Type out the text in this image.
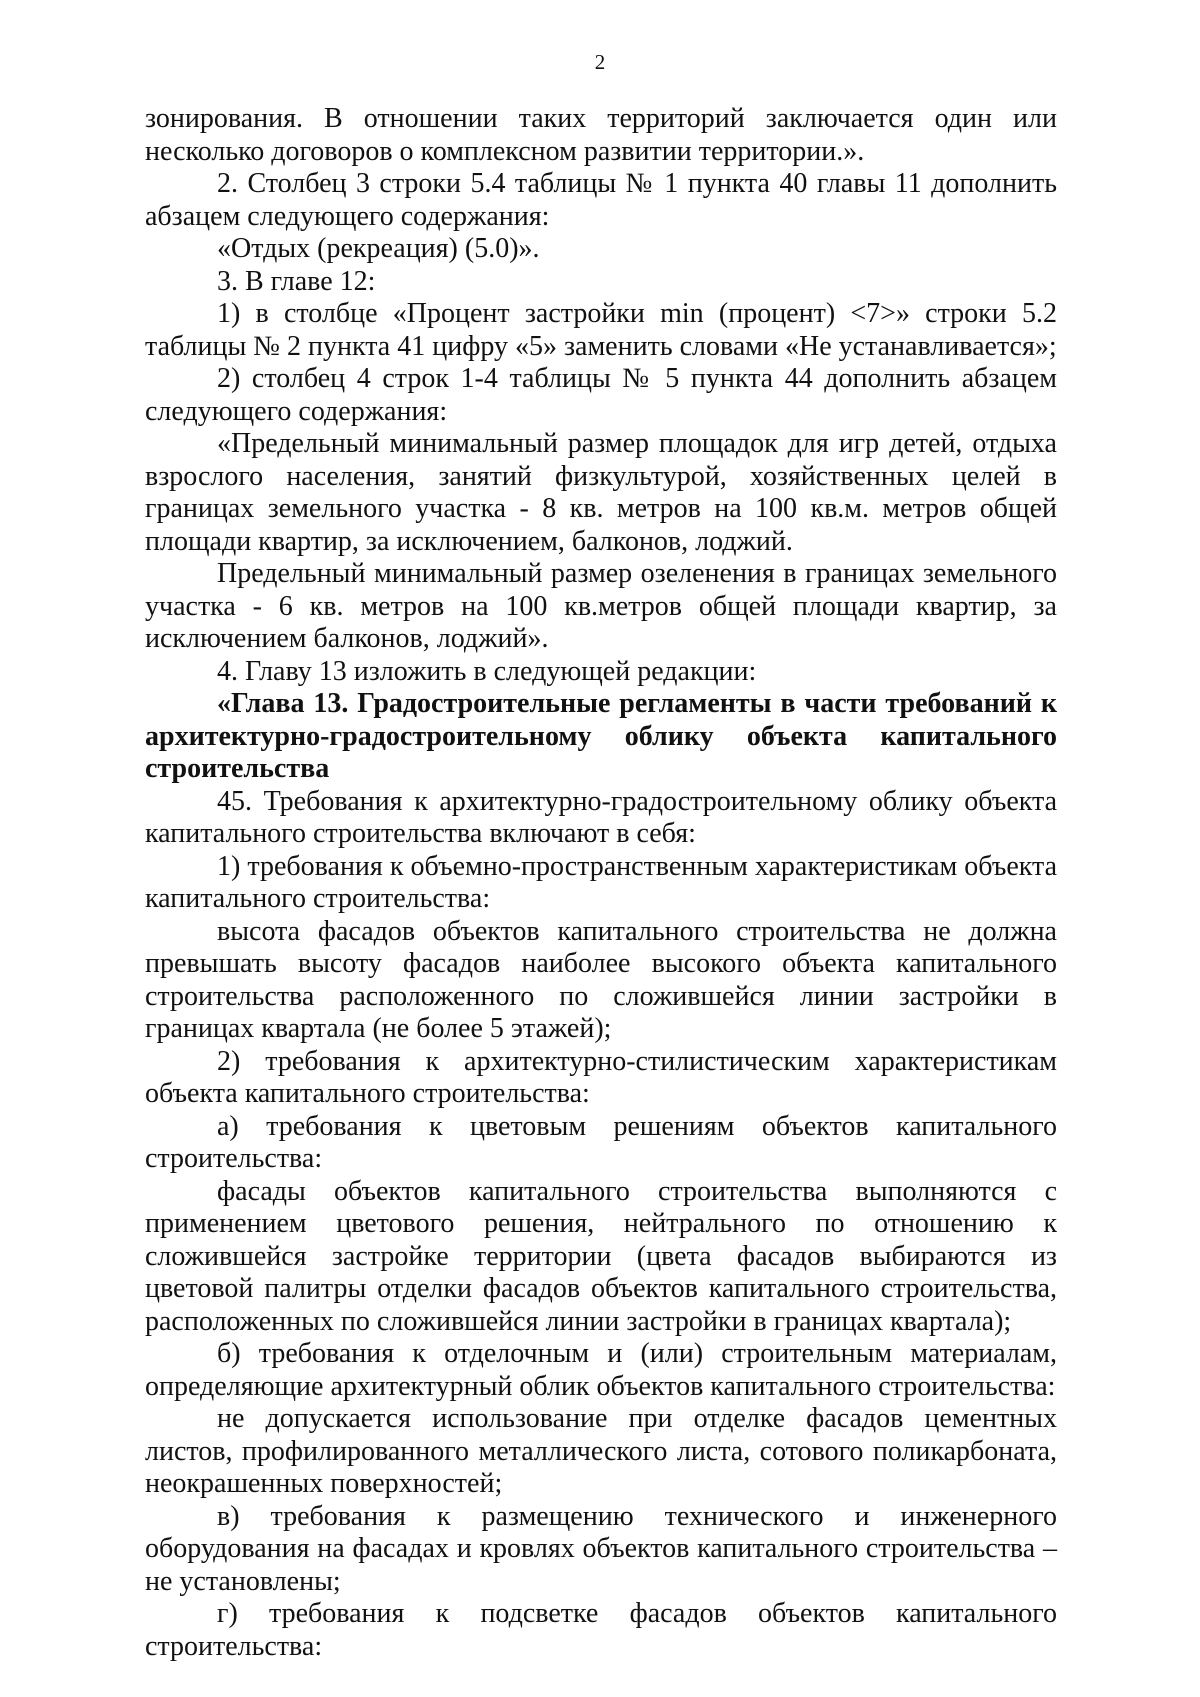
2

зонирования. В отношении таких территорий заключается один или несколько договоров о комплексном развитии территории.».

2. Столбец 3 строки 5.4 таблицы № 1 пункта 40 главы 11 дополнить абзацем следующего содержания:

«Отдых (рекреация) (5.0)».

3. В главе 12:

1) в столбце «Процент застройки min (процент) <7>» строки 5.2 таблицы № 2 пункта 41 цифру «5» заменить словами «Не устанавливается»;

2) столбец 4 строк 1-4 таблицы № 5 пункта 44 дополнить абзацем следующего содержания:

«Предельный минимальный размер площадок для игр детей, отдыха взрослого населения, занятий физкультурой, хозяйственных целей в границах земельного участка - 8 кв. метров на 100 кв.м. метров общей площади квартир, за исключением, балконов, лоджий.

Предельный минимальный размер озеленения в границах земельного участка - 6 кв. метров на 100 кв.метров общей площади квартир, за исключением балконов, лоджий».

4. Главу 13 изложить в следующей редакции:

«Глава 13. Градостроительные регламенты в части требований к архитектурно-градостроительному облику объекта капитального строительства

45. Требования к архитектурно-градостроительному облику объекта капитального строительства включают в себя:

1) требования к объемно-пространственным характеристикам объекта капитального строительства:

высота фасадов объектов капитального строительства не должна превышать высоту фасадов наиболее высокого объекта капитального строительства расположенного по сложившейся линии застройки в границах квартала (не более 5 этажей);

2) требования к архитектурно-стилистическим характеристикам объекта капитального строительства:

а) требования к цветовым решениям объектов капитального строительства:

фасады объектов капитального строительства выполняются с применением цветового решения, нейтрального по отношению к сложившейся застройке территории (цвета фасадов выбираются из цветовой палитры отделки фасадов объектов капитального строительства, расположенных по сложившейся линии застройки в границах квартала);

б) требования к отделочным и (или) строительным материалам, определяющие архитектурный облик объектов капитального строительства:

не допускается использование при отделке фасадов цементных листов, профилированного металлического листа, сотового поликарбоната, неокрашенных поверхностей;

в) требования к размещению технического и инженерного оборудования на фасадах и кровлях объектов капитального строительства – не установлены;

г) требования к подсветке фасадов объектов капитального строительства:
